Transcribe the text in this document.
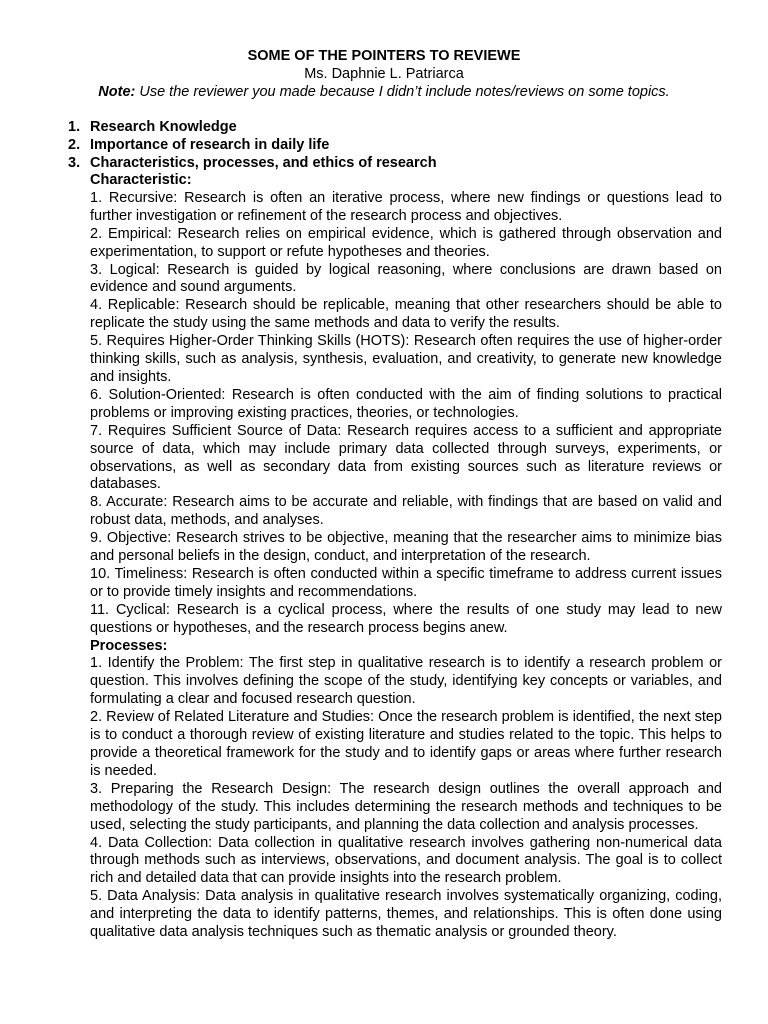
SOME OF THE POINTERS TO REVIEWE
Ms. Daphnie L. Patriarca
Note: Use the reviewer you made because I didn’t include notes/reviews on some topics.
1. Research Knowledge
2. Importance of research in daily life
3. Characteristics, processes, and ethics of research
Characteristic:

1. Recursive: Research is often an iterative process, where new findings or questions lead to further investigation or refinement of the research process and objectives.

2. Empirical: Research relies on empirical evidence, which is gathered through observation and experimentation, to support or refute hypotheses and theories.

3. Logical: Research is guided by logical reasoning, where conclusions are drawn based on evidence and sound arguments.

4. Replicable: Research should be replicable, meaning that other researchers should be able to replicate the study using the same methods and data to verify the results.

5. Requires Higher-Order Thinking Skills (HOTS): Research often requires the use of higher-order thinking skills, such as analysis, synthesis, evaluation, and creativity, to generate new knowledge and insights.

6. Solution-Oriented: Research is often conducted with the aim of finding solutions to practical problems or improving existing practices, theories, or technologies.

7. Requires Sufficient Source of Data: Research requires access to a sufficient and appropriate source of data, which may include primary data collected through surveys, experiments, or observations, as well as secondary data from existing sources such as literature reviews or databases.

8. Accurate: Research aims to be accurate and reliable, with findings that are based on valid and robust data, methods, and analyses.

9. Objective: Research strives to be objective, meaning that the researcher aims to minimize bias and personal beliefs in the design, conduct, and interpretation of the research.

10. Timeliness: Research is often conducted within a specific timeframe to address current issues or to provide timely insights and recommendations.

11. Cyclical: Research is a cyclical process, where the results of one study may lead to new questions or hypotheses, and the research process begins anew.

Processes:

1. Identify the Problem: The first step in qualitative research is to identify a research problem or question. This involves defining the scope of the study, identifying key concepts or variables, and formulating a clear and focused research question.

2. Review of Related Literature and Studies: Once the research problem is identified, the next step is to conduct a thorough review of existing literature and studies related to the topic. This helps to provide a theoretical framework for the study and to identify gaps or areas where further research is needed.

3. Preparing the Research Design: The research design outlines the overall approach and methodology of the study. This includes determining the research methods and techniques to be used, selecting the study participants, and planning the data collection and analysis processes.

4. Data Collection: Data collection in qualitative research involves gathering non-numerical data through methods such as interviews, observations, and document analysis. The goal is to collect rich and detailed data that can provide insights into the research problem.

5. Data Analysis: Data analysis in qualitative research involves systematically organizing, coding, and interpreting the data to identify patterns, themes, and relationships. This is often done using qualitative data analysis techniques such as thematic analysis or grounded theory.
